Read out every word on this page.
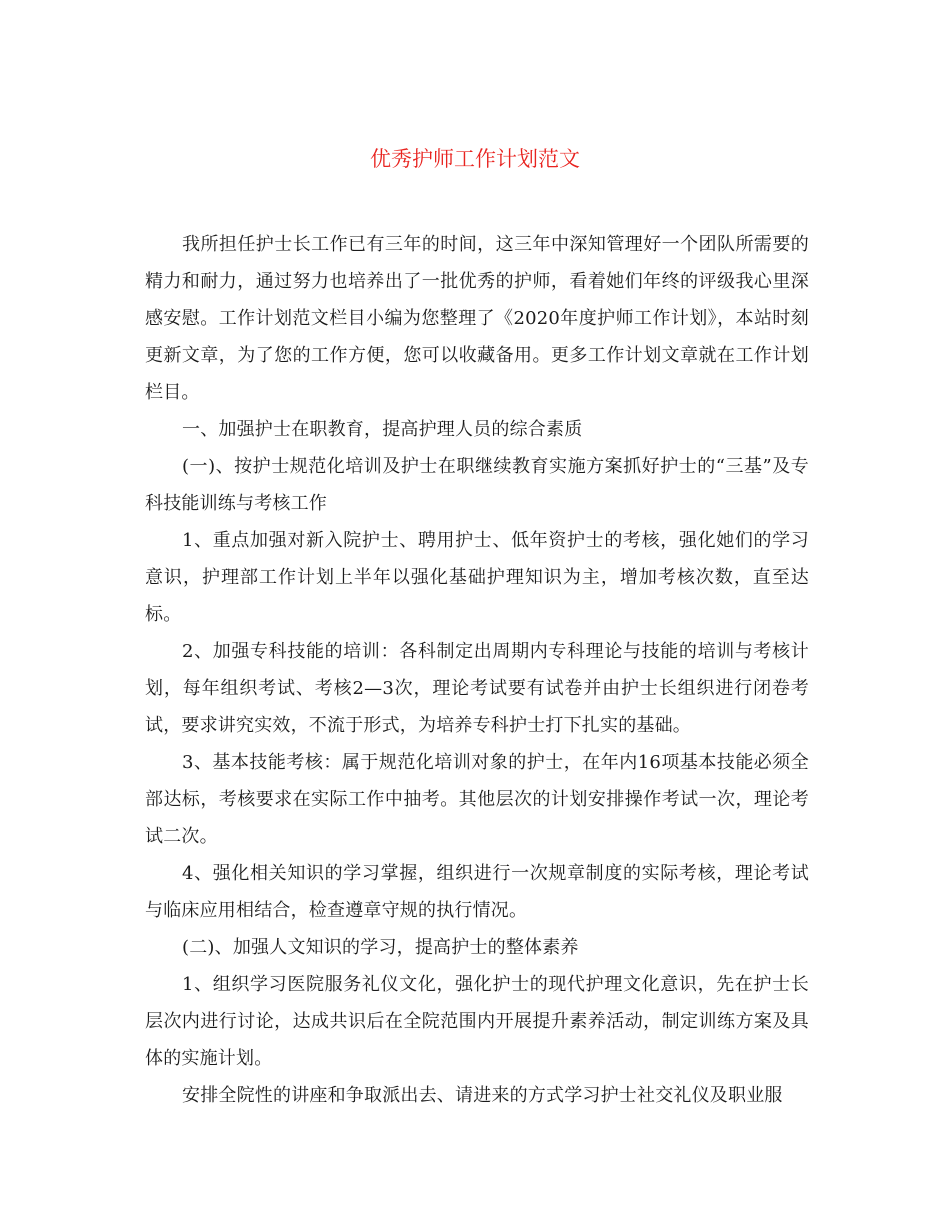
优秀护师工作计划范文

我所担任护士长工作已有三年的时间，这三年中深知管理好一个团队所需要的精力和耐力，通过努力也培养出了一批优秀的护师，看着她们年终的评级我心里深感安慰。工作计划范文栏目小编为您整理了《2020年度护师工作计划》，本站时刻更新文章，为了您的工作方便，您可以收藏备用。更多工作计划文章就在工作计划栏目。

一、加强护士在职教育，提高护理人员的综合素质

(一)、按护士规范化培训及护士在职继续教育实施方案抓好护士的“三基”及专科技能训练与考核工作

1、重点加强对新入院护士、聘用护士、低年资护士的考核，强化她们的学习意识，护理部工作计划上半年以强化基础护理知识为主，增加考核次数，直至达标。

2、加强专科技能的培训：各科制定出周期内专科理论与技能的培训与考核计划，每年组织考试、考核2—3次，理论考试要有试卷并由护士长组织进行闭卷考试，要求讲究实效，不流于形式，为培养专科护士打下扎实的基础。

3、基本技能考核：属于规范化培训对象的护士，在年内16项基本技能必须全部达标，考核要求在实际工作中抽考。其他层次的计划安排操作考试一次，理论考试二次。

4、强化相关知识的学习掌握，组织进行一次规章制度的实际考核，理论考试与临床应用相结合，检查遵章守规的执行情况。

(二)、加强人文知识的学习，提高护士的整体素养

1、组织学习医院服务礼仪文化，强化护士的现代护理文化意识，先在护士长层次内进行讨论，达成共识后在全院范围内开展提升素养活动，制定训练方案及具体的实施计划。

安排全院性的讲座和争取派出去、请进来的方式学习护士社交礼仪及职业服
